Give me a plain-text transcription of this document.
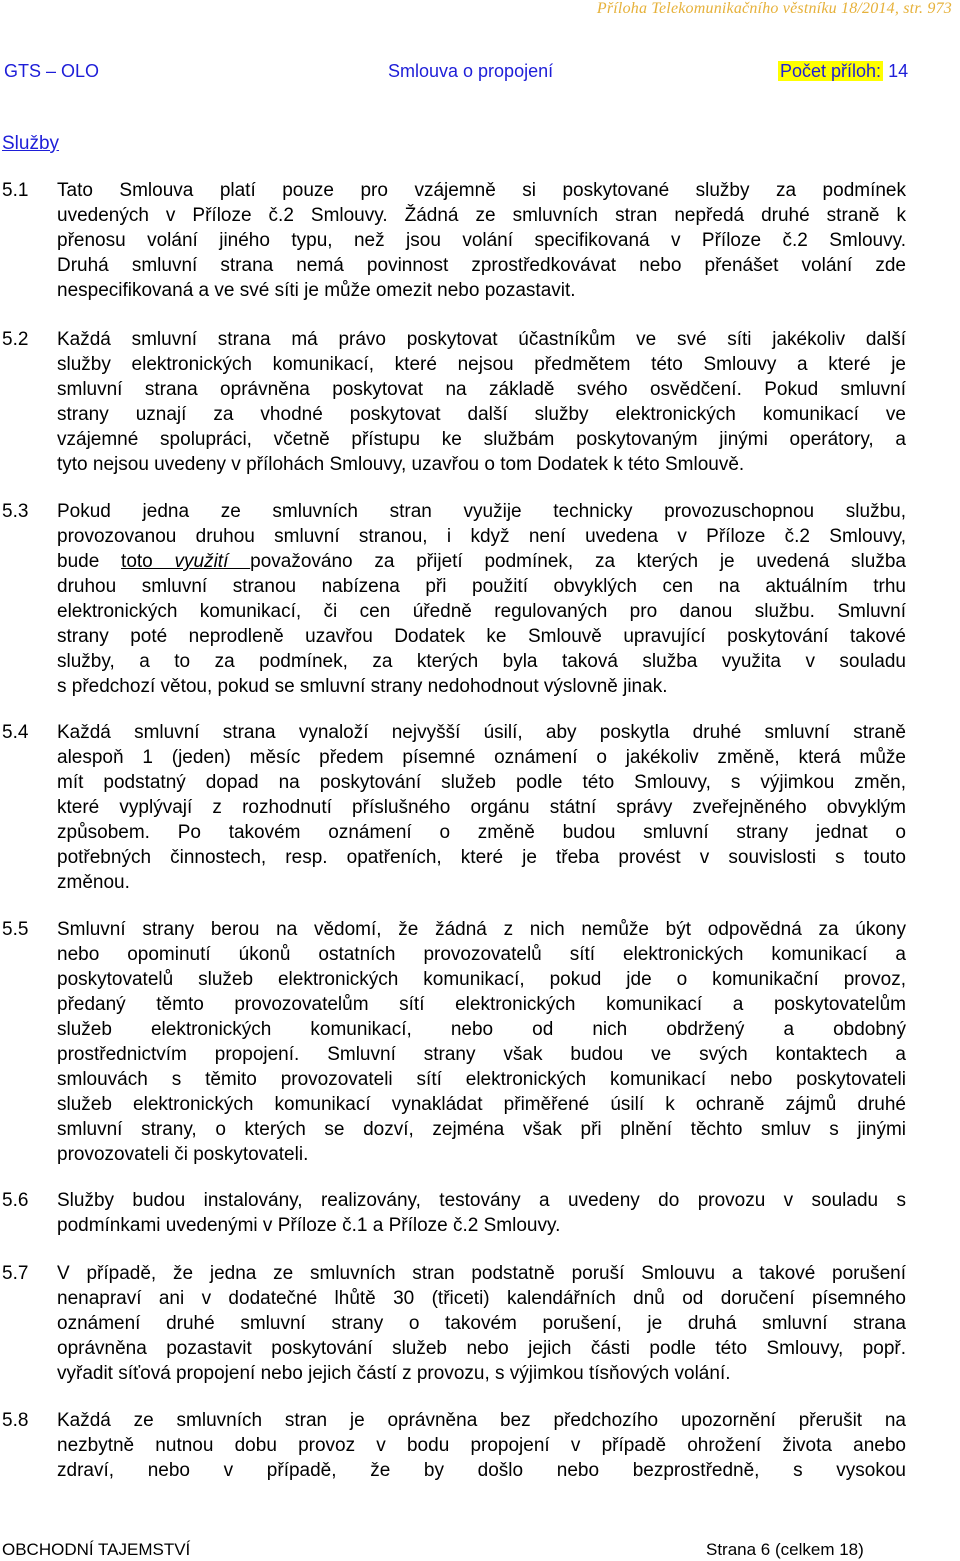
Příloha Telekomunikačního věstníku 18/2014, str. 973
GTS – OLO	Smlouva o propojení	Počet příloh: 14
Služby
5.1 Tato Smlouva platí pouze pro vzájemně si poskytované služby za podmínek
uvedených v Příloze č.2 Smlouvy. Žádná ze smluvních stran nepředá druhé straně k
přenosu volání jiného typu, než jsou volání specifikovaná v Příloze č.2 Smlouvy.
Druhá smluvní strana nemá povinnost zprostředkovávat nebo přenášet volání zde
nespecifikovaná a ve své síti je může omezit nebo pozastavit.
5.2 Každá smluvní strana má právo poskytovat účastníkům ve své síti jakékoliv další
služby elektronických komunikací, které nejsou předmětem této Smlouvy a které je
smluvní strana oprávněna poskytovat na základě svého osvědčení. Pokud smluvní
strany uznají za vhodné poskytovat další služby elektronických komunikací ve
vzájemné spolupráci, včetně přístupu ke službám poskytovaným jinými operátory, a
tyto nejsou uvedeny v přílohách Smlouvy, uzavřou o tom Dodatek k této Smlouvě.
5.3 Pokud jedna ze smluvních stran využije technicky provozuschopnou službu,
provozovanou druhou smluvní stranou, i když není uvedena v Příloze č.2 Smlouvy,
bude toto využití považováno za přijetí podmínek, za kterých je uvedená služba
druhou smluvní stranou nabízena při použití obvyklých cen na aktuálním trhu
elektronických komunikací, či cen úředně regulovaných pro danou službu. Smluvní
strany poté neprodleně uzavřou Dodatek ke Smlouvě upravující poskytování takové
služby, a to za podmínek, za kterých byla taková služba využita v souladu
s předchozí větou, pokud se smluvní strany nedohodnout výslovně jinak.
5.4 Každá smluvní strana vynaloží nejvyšší úsilí, aby poskytla druhé smluvní straně
alespoň 1 (jeden) měsíc předem písemné oznámení o jakékoliv změně, která může
mít podstatný dopad na poskytování služeb podle této Smlouvy, s výjimkou změn,
které vyplývají z rozhodnutí příslušného orgánu státní správy zveřejněného obvyklým
způsobem. Po takovém oznámení o změně budou smluvní strany jednat o
potřebných činnostech, resp. opatřeních, které je třeba provést v souvislosti s touto
změnou.
5.5 Smluvní strany berou na vědomí, že žádná z nich nemůže být odpovědná za úkony
nebo opominutí úkonů ostatních provozovatelů sítí elektronických komunikací a
poskytovatelů služeb elektronických komunikací, pokud jde o komunikační provoz,
předaný těmto provozovatelům sítí elektronických komunikací a poskytovatelům
služeb elektronických komunikací, nebo od nich obdržený a obdobný
prostřednictvím propojení. Smluvní strany však budou ve svých kontaktech a
smlouvách s těmito provozovateli sítí elektronických komunikací nebo poskytovateli
služeb elektronických komunikací vynakládat přiměřené úsilí k ochraně zájmů druhé
smluvní strany, o kterých se dozví, zejména však při plnění těchto smluv s jinými
provozovateli či poskytovateli.
5.6 Služby budou instalovány, realizovány, testovány a uvedeny do provozu v souladu s
podmínkami uvedenými v Příloze č.1 a Příloze č.2 Smlouvy.
5.7 V případě, že jedna ze smluvních stran podstatně poruší Smlouvu a takové porušení
nenapraví ani v dodatečné lhůtě 30 (třiceti) kalendářních dnů od doručení písemného
oznámení druhé smluvní strany o takovém porušení, je druhá smluvní strana
oprávněna pozastavit poskytování služeb nebo jejich části podle této Smlouvy, popř.
vyřadit síťová propojení nebo jejich částí z provozu, s výjimkou tísňových volání.
5.8 Každá ze smluvních stran je oprávněna bez předchozího upozornění přerušit na
nezbytně nutnou dobu provoz v bodu propojení v případě ohrožení života anebo
zdraví, nebo v případě, že by došlo nebo bezprostředně, s vysokou
OBCHODNÍ TAJEMSTVÍ	Strana 6 (celkem 18)
